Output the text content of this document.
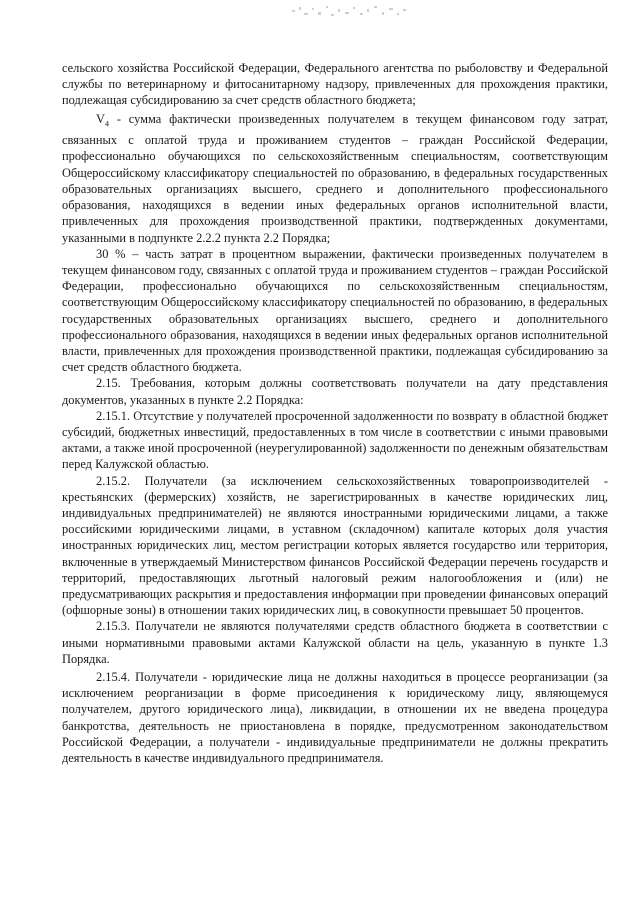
сельского хозяйства Российской Федерации, Федерального агентства по рыболовству и Федеральной службы по ветеринарному и фитосанитарному надзору, привлеченных для прохождения практики, подлежащая субсидированию за счет средств областного бюджета;

$V_4$ - сумма фактически произведенных получателем в текущем финансовом году затрат, связанных с оплатой труда и проживанием студентов – граждан Российской Федерации, профессионально обучающихся по сельскохозяйственным специальностям, соответствующим Общероссийскому классификатору специальностей по образованию, в федеральных государственных образовательных организациях высшего, среднего и дополнительного профессионального образования, находящихся в ведении иных федеральных органов исполнительной власти, привлеченных для прохождения производственной практики, подтвержденных документами, указанными в подпункте 2.2.2 пункта 2.2 Порядка;

30 % – часть затрат в процентном выражении, фактически произведенных получателем в текущем финансовом году, связанных с оплатой труда и проживанием студентов – граждан Российской Федерации, профессионально обучающихся по сельскохозяйственным специальностям, соответствующим Общероссийскому классификатору специальностей по образованию, в федеральных государственных образовательных организациях высшего, среднего и дополнительного профессионального образования, находящихся в ведении иных федеральных органов исполнительной власти, привлеченных для прохождения производственной практики, подлежащая субсидированию за счет средств областного бюджета.

2.15. Требования, которым должны соответствовать получатели на дату представления документов, указанных в пункте 2.2 Порядка:

2.15.1. Отсутствие у получателей просроченной задолженности по возврату в областной бюджет субсидий, бюджетных инвестиций, предоставленных в том числе в соответствии с иными правовыми актами, а также иной просроченной (неурегулированной) задолженности по денежным обязательствам перед Калужской областью.

2.15.2. Получатели (за исключением сельскохозяйственных товаропроизводителей - крестьянских (фермерских) хозяйств, не зарегистрированных в качестве юридических лиц, индивидуальных предпринимателей) не являются иностранными юридическими лицами, а также российскими юридическими лицами, в уставном (складочном) капитале которых доля участия иностранных юридических лиц, местом регистрации которых является государство или территория, включенные в утверждаемый Министерством финансов Российской Федерации перечень государств и территорий, предоставляющих льготный налоговый режим налогообложения и (или) не предусматривающих раскрытия и предоставления информации при проведении финансовых операций (офшорные зоны) в отношении таких юридических лиц, в совокупности превышает 50 процентов.

2.15.3. Получатели не являются получателями средств областного бюджета в соответствии с иными нормативными правовыми актами Калужской области на цель, указанную в пункте 1.3 Порядка.

2.15.4. Получатели - юридические лица не должны находиться в процессе реорганизации (за исключением реорганизации в форме присоединения к юридическому лицу, являющемуся получателем, другого юридического лица), ликвидации, в отношении их не введена процедура банкротства, деятельность не приостановлена в порядке, предусмотренном законодательством Российской Федерации, а получатели - индивидуальные предприниматели не должны прекратить деятельность в качестве индивидуального предпринимателя.
